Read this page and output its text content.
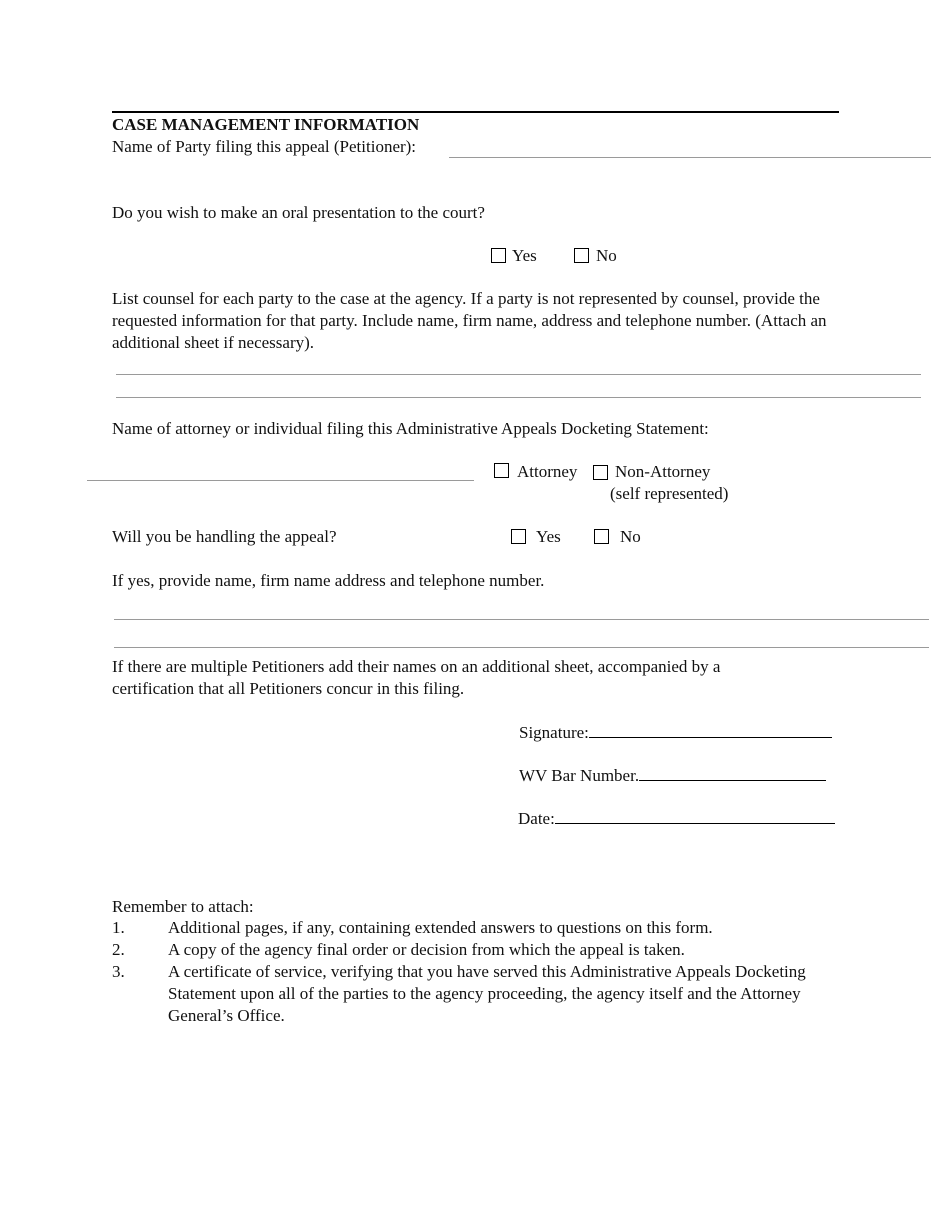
CASE MANAGEMENT INFORMATION
Name of Party filing this appeal (Petitioner):
Do you wish to make an oral presentation to the court?
Yes	No
List counsel for each party to the case at the agency. If a party is not represented by counsel, provide the requested information for that party. Include name, firm name, address and telephone number. (Attach an additional sheet if necessary).
Name of attorney or individual filing this Administrative Appeals Docketing Statement:
Attorney Non-Attorney
(self represented)
Will you be handling the appeal?	Yes	No
If yes, provide name, firm name address and telephone number.
If there are multiple Petitioners add their names on an additional sheet, accompanied by a certification that all Petitioners concur in this filing.
Signature:
WV Bar Number.
Date:
Remember to attach:
1.	Additional pages, if any, containing extended answers to questions on this form.
2.	A copy of the agency final order or decision from which the appeal is taken.
3.	A certificate of service, verifying that you have served this Administrative Appeals Docketing Statement upon all of the parties to the agency proceeding, the agency itself and the Attorney General’s Office.
